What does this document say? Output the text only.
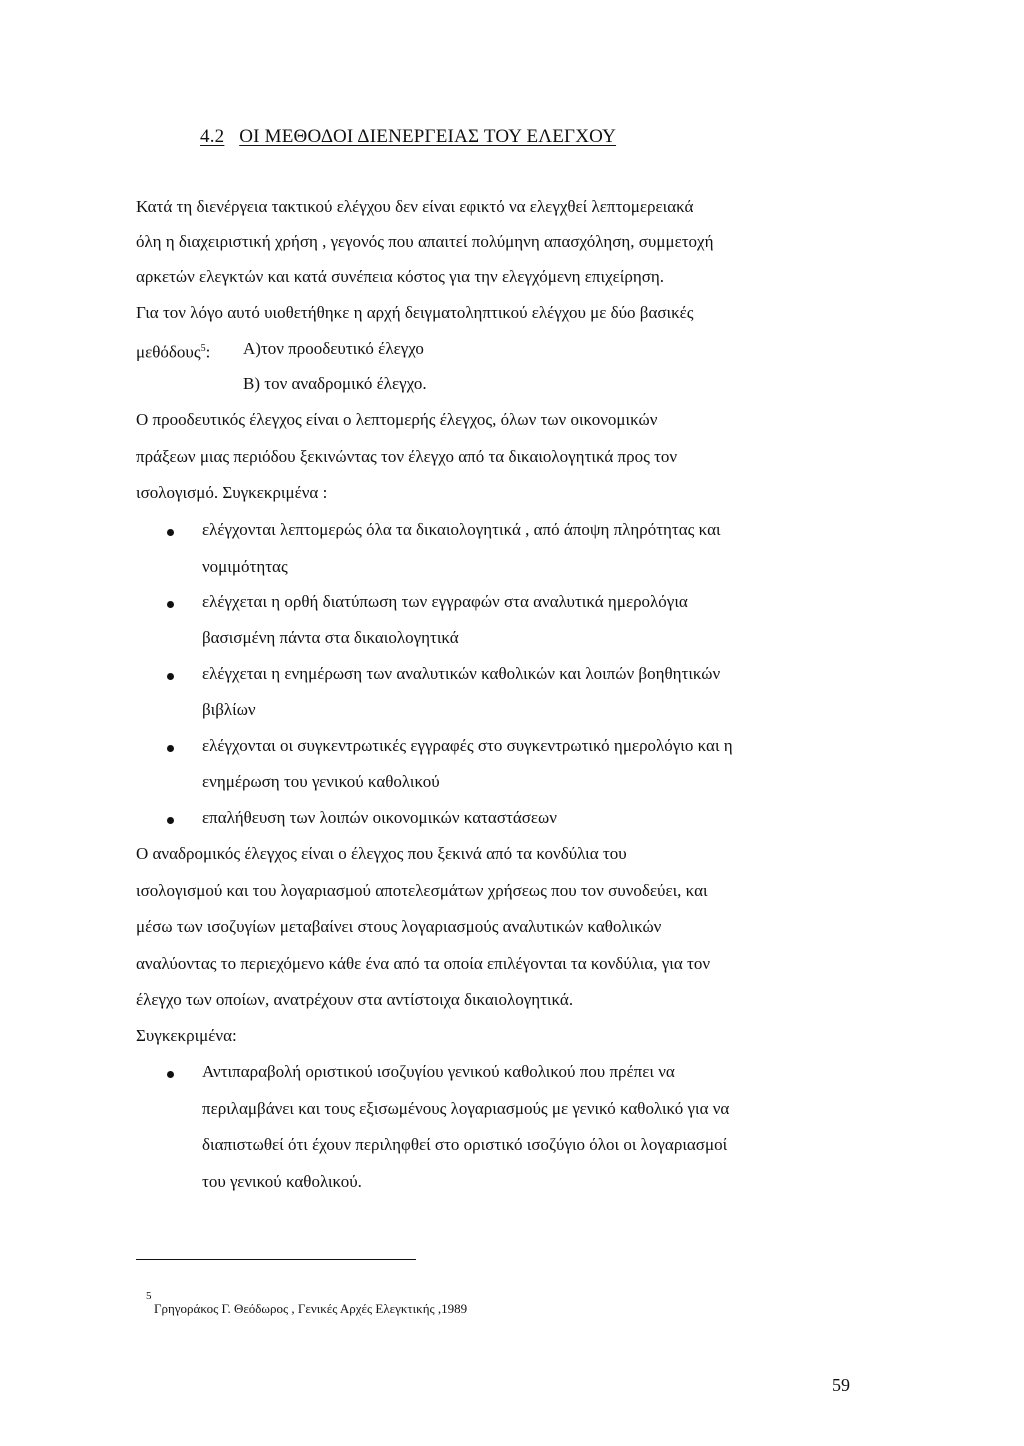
4.2 ΟΙ ΜΕΘΟΔΟΙ ΔΙΕΝΕΡΓΕΙΑΣ ΤΟΥ ΕΛΕΓΧΟΥ
Κατά τη διενέργεια τακτικού ελέγχου δεν είναι εφικτό να ελεγχθεί λεπτομερειακά
όλη η διαχειριστική χρήση , γεγονός που απαιτεί πολύμηνη απασχόληση, συμμετοχή
αρκετών ελεγκτών και κατά συνέπεια κόστος για την ελεγχόμενη επιχείρηση.
Για τον λόγο αυτό υιοθετήθηκε η αρχή δειγματοληπτικού ελέγχου με δύο βασικές
μεθόδους$^5$: Α)τον προοδευτικό έλεγχο
Β) τον αναδρομικό έλεγχο.
Ο προοδευτικός έλεγχος είναι ο λεπτομερής έλεγχος, όλων των οικονομικών
πράξεων μιας περιόδου ξεκινώντας τον έλεγχο από τα δικαιολογητικά προς τον
ισολογισμό. Συγκεκριμένα :
ελέγχονται λεπτομερώς όλα τα δικαιολογητικά , από άποψη πληρότητας και
νομιμότητας
ελέγχεται η ορθή διατύπωση των εγγραφών στα αναλυτικά ημερολόγια
βασισμένη πάντα στα δικαιολογητικά
ελέγχεται η ενημέρωση των αναλυτικών καθολικών και λοιπών βοηθητικών
βιβλίων
ελέγχονται οι συγκεντρωτικές εγγραφές στο συγκεντρωτικό ημερολόγιο και η
ενημέρωση του γενικού καθολικού
επαλήθευση των λοιπών οικονομικών καταστάσεων
Ο αναδρομικός έλεγχος είναι ο έλεγχος που ξεκινά από τα κονδύλια του
ισολογισμού και του λογαριασμού αποτελεσμάτων χρήσεως που τον συνοδεύει, και
μέσω των ισοζυγίων μεταβαίνει στους λογαριασμούς αναλυτικών καθολικών
αναλύοντας το περιεχόμενο κάθε ένα από τα οποία επιλέγονται τα κονδύλια, για τον
έλεγχο των οποίων, ανατρέχουν στα αντίστοιχα δικαιολογητικά.
Συγκεκριμένα:
Αντιπαραβολή οριστικού ισοζυγίου γενικού καθολικού που πρέπει να
περιλαμβάνει και τους εξισωμένους λογαριασμούς με γενικό καθολικό για να
διαπιστωθεί ότι έχουν περιληφθεί στο οριστικό ισοζύγιο όλοι οι λογαριασμοί
του γενικού καθολικού.
5
Γρηγοράκος Γ. Θεόδωρος , Γενικές Αρχές Ελεγκτικής ,1989
59
